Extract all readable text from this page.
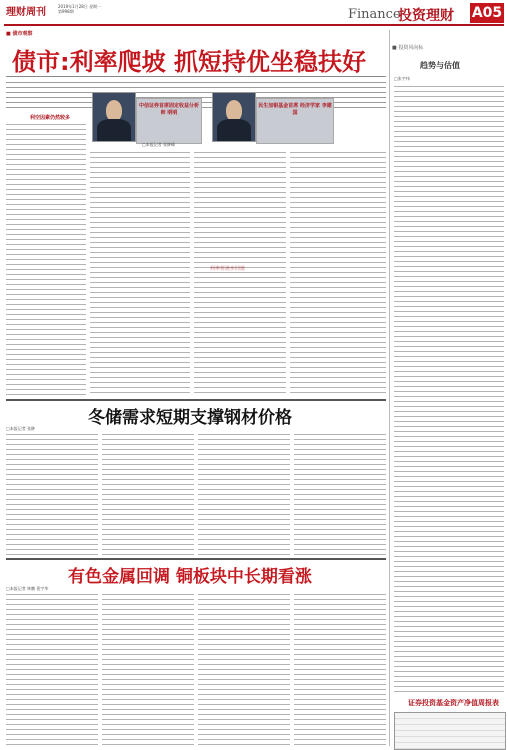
理财周刊
2019年1月28日 星期一
第998期	Finance
投资理财 A05
■ 债市观察
债市:利率爬坡 抓短持优坐稳扶好
利空因素仍然较多
中信证券首席固定收益分析师 明明
民生加银基金首席 经济学家 李建国
□本报记者 张翀峰
冬储需求短期支撑钢材价格
□本报记者 张翀
有色金属回调 铜板块中长期看涨
□本报记者 林鹏 裴宇华
■ 投资风向标
趋势与估值
□张宇伟
证券投资基金资产净值周报表
